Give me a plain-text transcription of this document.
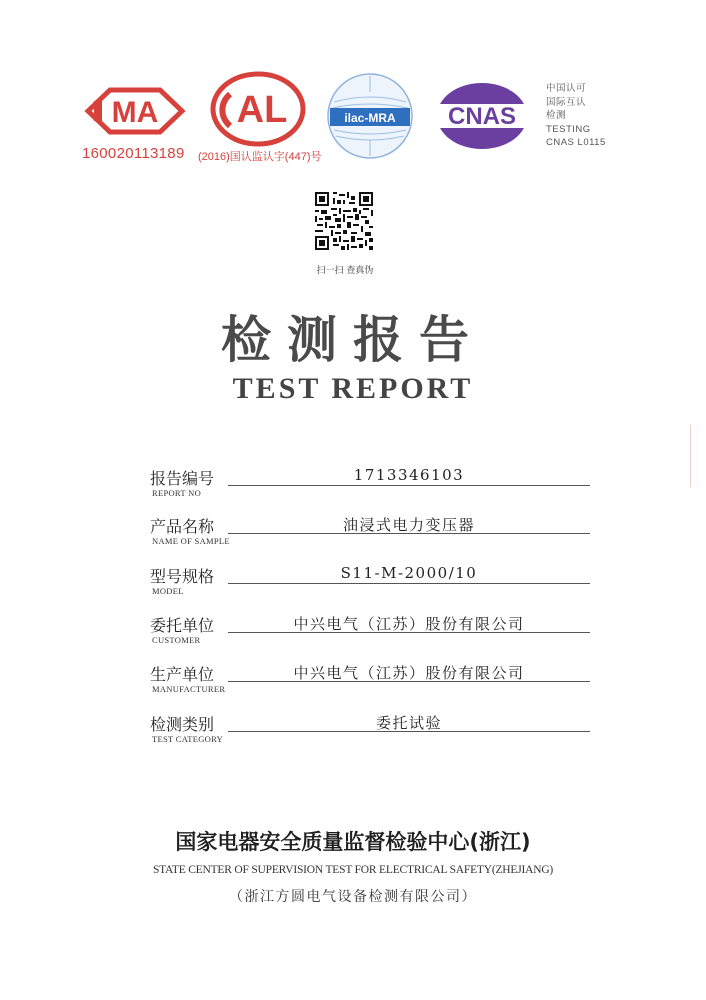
MA
160020113189
AL
(2016)国认监认字(447)号
ilac-MRA CNAS
中国认可
国际互认
检测
TESTING
CNAS L0115
扫一扫 查真伪
检测报告
TEST REPORT
报告编号
REPORT NO
1713346103
产品名称
NAME OF SAMPLE
油浸式电力变压器
型号规格
MODEL
S11-M-2000/10
委托单位
CUSTOMER
中兴电气（江苏）股份有限公司
生产单位
MANUFACTURER
中兴电气（江苏）股份有限公司
检测类别
TEST CATEGORY
委托试验
国家电器安全质量监督检验中心(浙江)
STATE CENTER OF SUPERVISION TEST FOR ELECTRICAL SAFETY(ZHEJIANG)
（浙江方圆电气设备检测有限公司）
